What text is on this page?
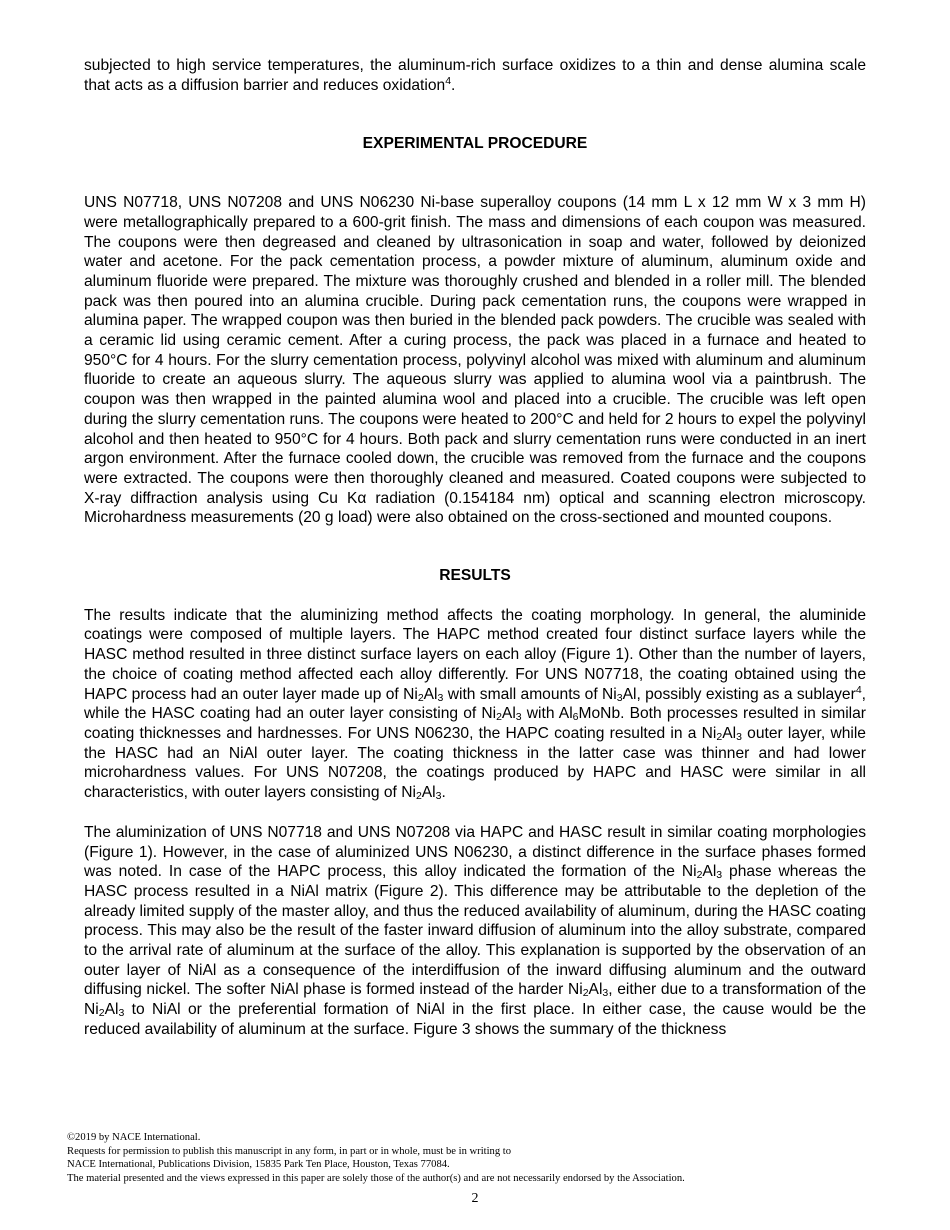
subjected to high service temperatures, the aluminum-rich surface oxidizes to a thin and dense alumina scale that acts as a diffusion barrier and reduces oxidation$^4$.

EXPERIMENTAL PROCEDURE

UNS N07718, UNS N07208 and UNS N06230 Ni-base superalloy coupons (14 mm L x 12 mm W x 3 mm H) were metallographically prepared to a 600-grit finish. The mass and dimensions of each coupon was measured. The coupons were then degreased and cleaned by ultrasonication in soap and water, followed by deionized water and acetone. For the pack cementation process, a powder mixture of aluminum, aluminum oxide and aluminum fluoride were prepared. The mixture was thoroughly crushed and blended in a roller mill. The blended pack was then poured into an alumina crucible. During pack cementation runs, the coupons were wrapped in alumina paper. The wrapped coupon was then buried in the blended pack powders. The crucible was sealed with a ceramic lid using ceramic cement. After a curing process, the pack was placed in a furnace and heated to 950°C for 4 hours. For the slurry cementation process, polyvinyl alcohol was mixed with aluminum and aluminum fluoride to create an aqueous slurry. The aqueous slurry was applied to alumina wool via a paintbrush. The coupon was then wrapped in the painted alumina wool and placed into a crucible. The crucible was left open during the slurry cementation runs. The coupons were heated to 200°C and held for 2 hours to expel the polyvinyl alcohol and then heated to 950°C for 4 hours. Both pack and slurry cementation runs were conducted in an inert argon environment. After the furnace cooled down, the crucible was removed from the furnace and the coupons were extracted. The coupons were then thoroughly cleaned and measured. Coated coupons were subjected to X-ray diffraction analysis using Cu Kα radiation (0.154184 nm) optical and scanning electron microscopy. Microhardness measurements (20 g load) were also obtained on the cross-sectioned and mounted coupons.

RESULTS

The results indicate that the aluminizing method affects the coating morphology. In general, the aluminide coatings were composed of multiple layers. The HAPC method created four distinct surface layers while the HASC method resulted in three distinct surface layers on each alloy (Figure 1). Other than the number of layers, the choice of coating method affected each alloy differently. For UNS N07718, the coating obtained using the HAPC process had an outer layer made up of $Ni_2Al_3$ with small amounts of $Ni_3Al$, possibly existing as a sublayer$^4$, while the HASC coating had an outer layer consisting of $Ni_2Al_3$ with $Al_6MoNb$. Both processes resulted in similar coating thicknesses and hardnesses. For UNS N06230, the HAPC coating resulted in a $Ni_2Al_3$ outer layer, while the HASC had an NiAl outer layer. The coating thickness in the latter case was thinner and had lower microhardness values. For UNS N07208, the coatings produced by HAPC and HASC were similar in all characteristics, with outer layers consisting of $Ni_2Al_3$.

The aluminization of UNS N07718 and UNS N07208 via HAPC and HASC result in similar coating morphologies (Figure 1). However, in the case of aluminized UNS N06230, a distinct difference in the surface phases formed was noted. In case of the HAPC process, this alloy indicated the formation of the $Ni_2Al_3$ phase whereas the HASC process resulted in a NiAl matrix (Figure 2). This difference may be attributable to the depletion of the already limited supply of the master alloy, and thus the reduced availability of aluminum, during the HASC coating process. This may also be the result of the faster inward diffusion of aluminum into the alloy substrate, compared to the arrival rate of aluminum at the surface of the alloy. This explanation is supported by the observation of an outer layer of NiAl as a consequence of the interdiffusion of the inward diffusing aluminum and the outward diffusing nickel. The softer NiAl phase is formed instead of the harder $Ni_2Al_3$, either due to a transformation of the $Ni_2Al_3$ to NiAl or the preferential formation of NiAl in the first place. In either case, the cause would be the reduced availability of aluminum at the surface. Figure 3 shows the summary of the thickness

©2019 by NACE International.
Requests for permission to publish this manuscript in any form, in part or in whole, must be in writing to
NACE International, Publications Division, 15835 Park Ten Place, Houston, Texas 77084.
The material presented and the views expressed in this paper are solely those of the author(s) and are not necessarily endorsed by the Association.
2
